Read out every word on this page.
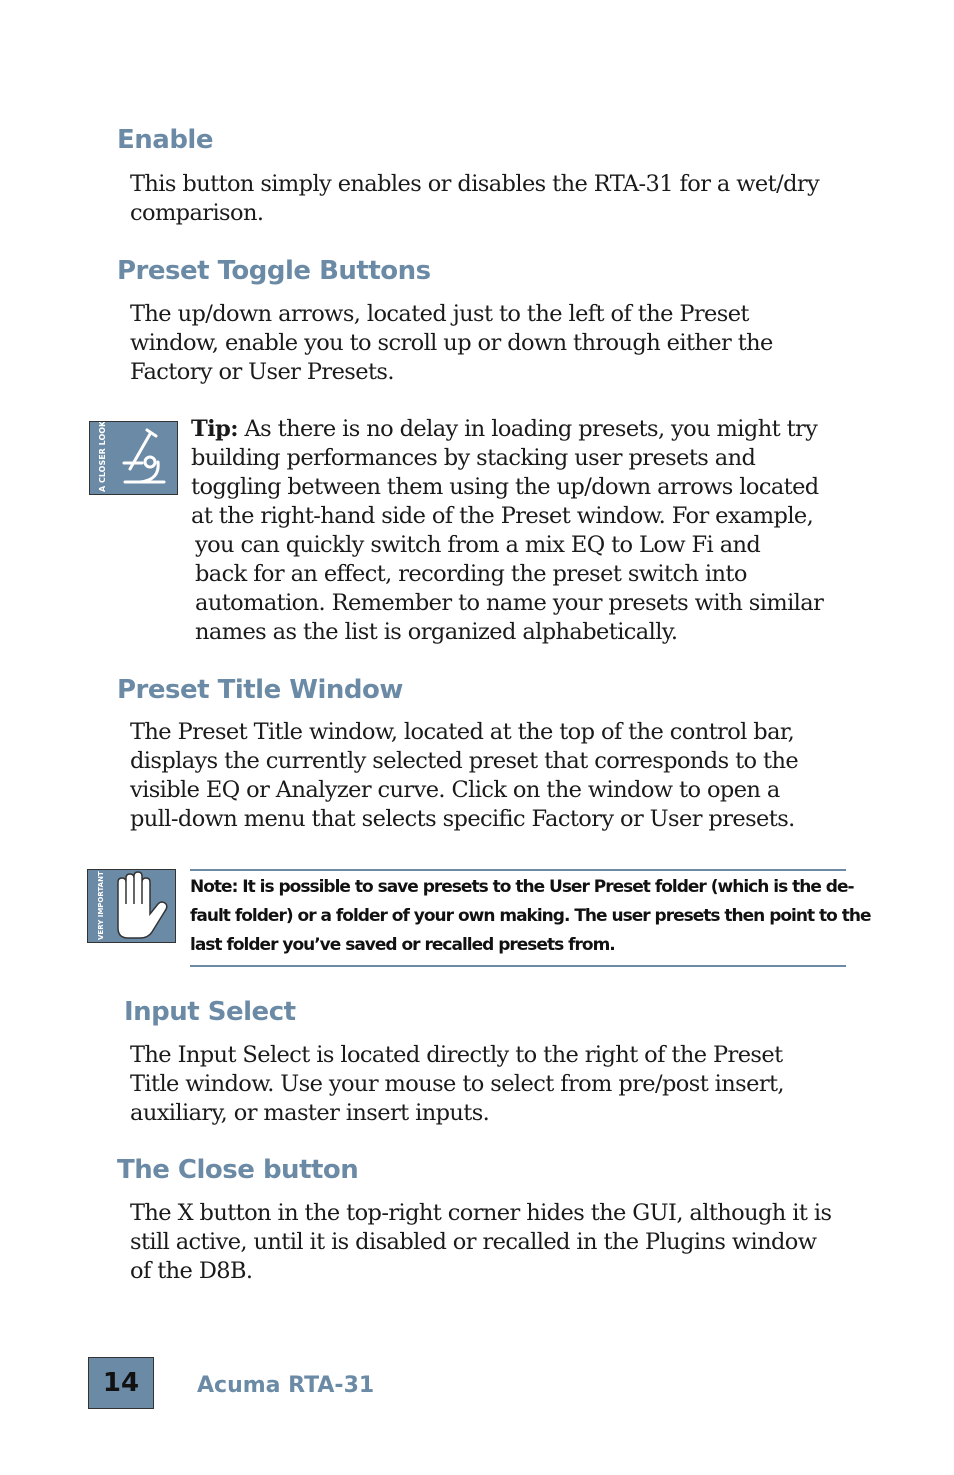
Enable

This button simply enables or disables the RTA-31 for a wet/dry
comparison.

Preset Toggle Buttons

The up/down arrows, located just to the left of the Preset
window, enable you to scroll up or down through either the
Factory or User Presets.

A CLOSER LOOK	Tip: As there is no delay in loading presets, you might try
building performances by stacking user presets and
toggling between them using the up/down arrows located
at the right-hand side of the Preset window. For example,
you can quickly switch from a mix EQ to Low Fi and
back for an effect, recording the preset switch into
automation. Remember to name your presets with similar
names as the list is organized alphabetically.

Preset Title Window

The Preset Title window, located at the top of the control bar,
displays the currently selected preset that corresponds to the
visible EQ or Analyzer curve. Click on the window to open a
pull-down menu that selects specific Factory or User presets.

VERY IMPORTANT	Note: It is possible to save presets to the User Preset folder (which is the de-
fault folder) or a folder of your own making. The user presets then point to the
last folder you’ve saved or recalled presets from.

Input Select

The Input Select is located directly to the right of the Preset
Title window. Use your mouse to select from pre/post insert,
auxiliary, or master insert inputs.

The Close button

The X button in the top-right corner hides the GUI, although it is
still active, until it is disabled or recalled in the Plugins window
of the D8B.

14	Acuma RTA-31
